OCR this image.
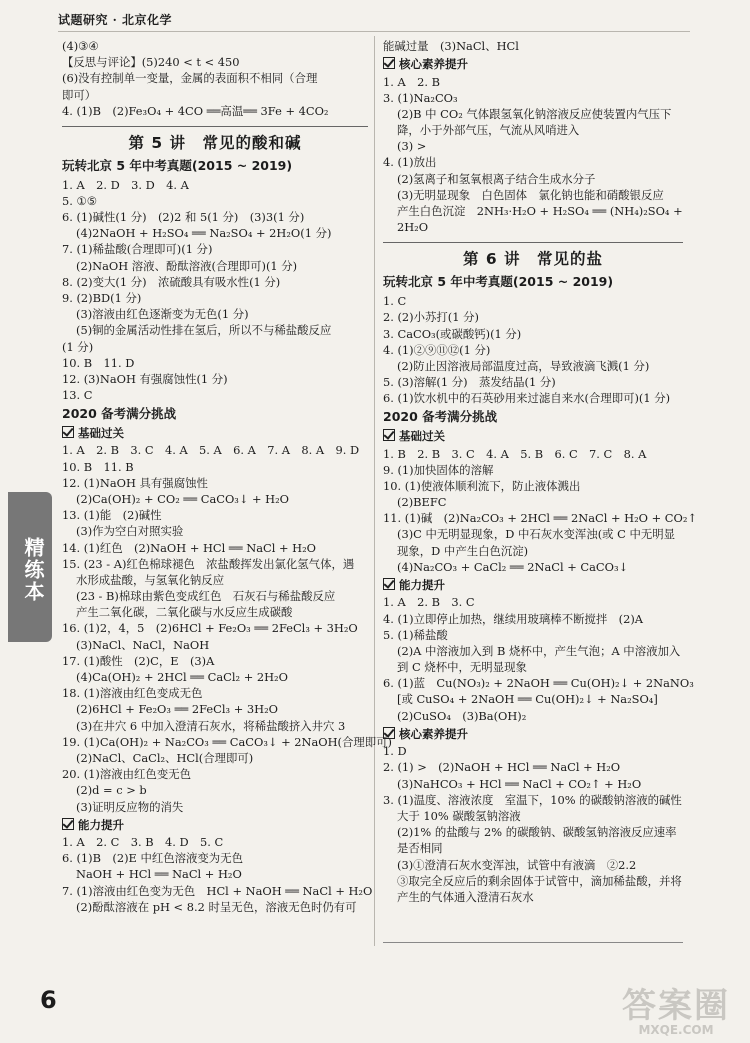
试题研究 · 北京化学
(4)③④
【反思与评论】(5)240 < t < 450
(6)没有控制单一变量，金属的表面积不相同（合理
即可）
4. (1)B　(2)Fe₃O₄ + 4CO ══高温══ 3Fe + 4CO₂
第 5 讲　常见的酸和碱
玩转北京 5 年中考真题(2015 ~ 2019)
1. A　2. D　3. D　4. A
5. ①⑤
6. (1)碱性(1 分)　(2)2 和 5(1 分)　(3)3(1 分)
(4)2NaOH + H₂SO₄ ══ Na₂SO₄ + 2H₂O(1 分)
7. (1)稀盐酸(合理即可)(1 分)
(2)NaOH 溶液、酚酞溶液(合理即可)(1 分)
8. (2)变大(1 分)　浓硫酸具有吸水性(1 分)
9. (2)BD(1 分)
(3)溶液由红色逐渐变为无色(1 分)
(5)铜的金属活动性排在氢后，所以不与稀盐酸反应
(1 分)
10. B　11. D
12. (3)NaOH 有强腐蚀性(1 分)
13. C
2020 备考满分挑战
基础过关
1. A　2. B　3. C　4. A　5. A　6. A　7. A　8. A　9. D
10. B　11. B
12. (1)NaOH 具有强腐蚀性
(2)Ca(OH)₂ + CO₂ ══ CaCO₃↓ + H₂O
13. (1)能　(2)碱性
(3)作为空白对照实验
14. (1)红色　(2)NaOH + HCl ══ NaCl + H₂O
15. (23 - A)红色棉球褪色　浓盐酸挥发出氯化氢气体，遇
水形成盐酸，与氢氧化钠反应
(23 - B)棉球由紫色变成红色　石灰石与稀盐酸反应
产生二氧化碳，二氧化碳与水反应生成碳酸
16. (1)2，4，5　(2)6HCl + Fe₂O₃ ══ 2FeCl₃ + 3H₂O
(3)NaCl、NaCl，NaOH
17. (1)酸性　(2)C，E　(3)A
(4)Ca(OH)₂ + 2HCl ══ CaCl₂ + 2H₂O
18. (1)溶液由红色变成无色
(2)6HCl + Fe₂O₃ ══ 2FeCl₃ + 3H₂O
(3)在井穴 6 中加入澄清石灰水，将稀盐酸挤入井穴 3
19. (1)Ca(OH)₂ + Na₂CO₃ ══ CaCO₃↓ + 2NaOH(合理即可)
(2)NaCl、CaCl₂、HCl(合理即可)
20. (1)溶液由红色变无色
(2)d = c > b
(3)证明反应物的消失
能力提升
1. A　2. C　3. B　4. D　5. C
6. (1)B　(2)E 中红色溶液变为无色
NaOH + HCl ══ NaCl + H₂O
7. (1)溶液由红色变为无色　HCl + NaOH ══ NaCl + H₂O
(2)酚酞溶液在 pH < 8.2 时呈无色，溶液无色时仍有可
能碱过量　(3)NaCl、HCl
核心素养提升
1. A　2. B
3. (1)Na₂CO₃
(2)B 中 CO₂ 气体跟氢氧化钠溶液反应使装置内气压下
降，小于外部气压，气流从风哨进入
(3) >
4. (1)放出
(2)氢离子和氢氧根离子结合生成水分子
(3)无明显现象　白色固体　氯化钠也能和硝酸银反应
产生白色沉淀　2NH₃·H₂O + H₂SO₄ ══ (NH₄)₂SO₄ +
2H₂O
第 6 讲　常见的盐
玩转北京 5 年中考真题(2015 ~ 2019)
1. C
2. (2)小苏打(1 分)
3. CaCO₃(或碳酸钙)(1 分)
4. (1)②⑨⑪⑫(1 分)
(2)防止因溶液局部温度过高，导致液滴飞溅(1 分)
5. (3)溶解(1 分)　蒸发结晶(1 分)
6. (1)饮水机中的石英砂用来过滤自来水(合理即可)(1 分)
2020 备考满分挑战
基础过关
1. B　2. B　3. C　4. A　5. B　6. C　7. C　8. A
9. (1)加快固体的溶解
10. (1)使液体顺利流下，防止液体溅出
(2)BEFC
11. (1)碱　(2)Na₂CO₃ + 2HCl ══ 2NaCl + H₂O + CO₂↑
(3)C 中无明显现象，D 中石灰水变浑浊(或 C 中无明显
现象，D 中产生白色沉淀)
(4)Na₂CO₃ + CaCl₂ ══ 2NaCl + CaCO₃↓
能力提升
1. A　2. B　3. C
4. (1)立即停止加热，继续用玻璃棒不断搅拌　(2)A
5. (1)稀盐酸
(2)A 中溶液加入到 B 烧杯中，产生气泡；A 中溶液加入
到 C 烧杯中，无明显现象
6. (1)蓝　Cu(NO₃)₂ + 2NaOH ══ Cu(OH)₂↓ + 2NaNO₃
[或 CuSO₄ + 2NaOH ══ Cu(OH)₂↓ + Na₂SO₄]
(2)CuSO₄　(3)Ba(OH)₂
核心素养提升
1. D
2. (1) >　(2)NaOH + HCl ══ NaCl + H₂O
(3)NaHCO₃ + HCl ══ NaCl + CO₂↑ + H₂O
3. (1)温度、溶液浓度　室温下，10% 的碳酸钠溶液的碱性
大于 10% 碳酸氢钠溶液
(2)1% 的盐酸与 2% 的碳酸钠、碳酸氢钠溶液反应速率
是否相同
(3)①澄清石灰水变浑浊，试管中有液滴　②2.2
③取完全反应后的剩余固体于试管中，滴加稀盐酸，并将
产生的气体通入澄清石灰水
精练本
6	答案圈
MXQE.COM
